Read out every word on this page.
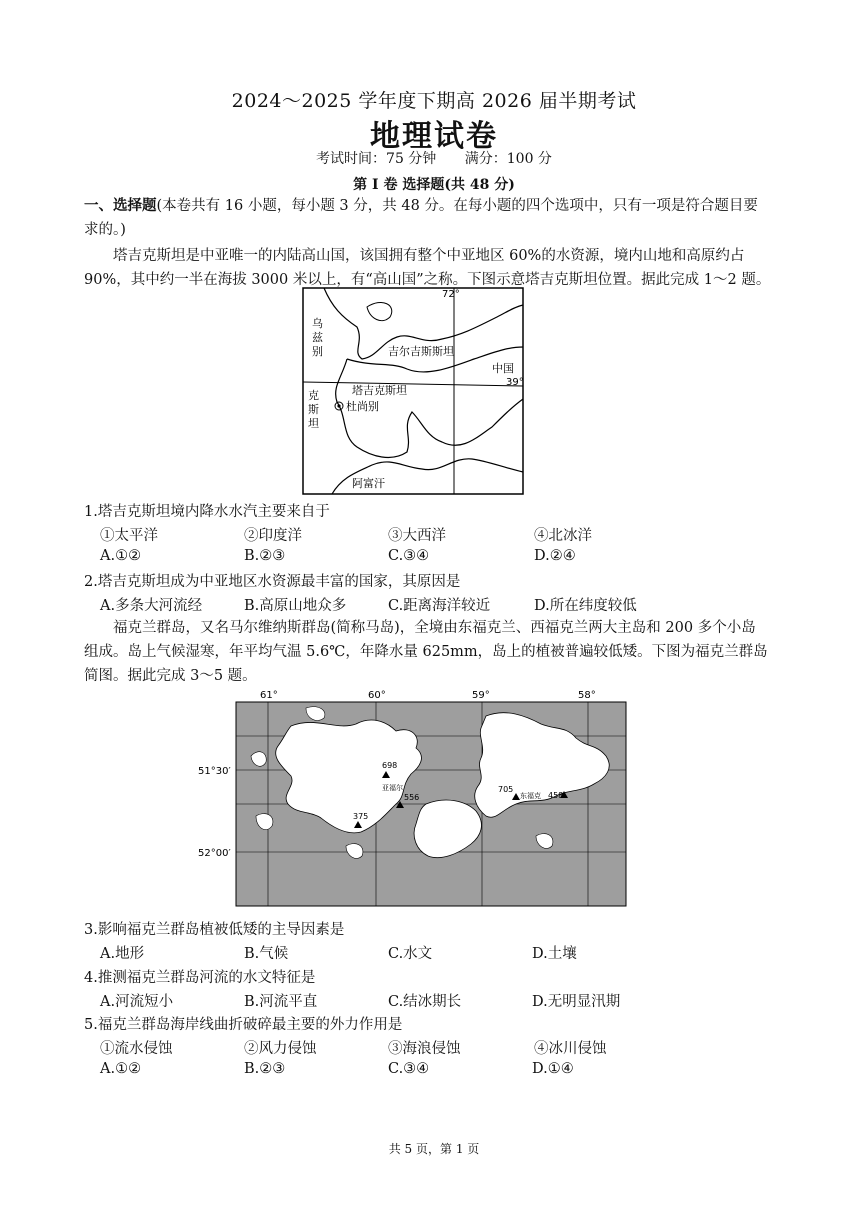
2024～2025 学年度下期高 2026 届半期考试
地理试卷
考试时间：75 分钟 满分：100 分
第 I 卷 选择题(共 48 分)
一、选择题(本卷共有 16 小题，每小题 3 分，共 48 分。在每小题的四个选项中，只有一项是符合题目要
求的。)
塔吉克斯坦是中亚唯一的内陆高山国，该国拥有整个中亚地区 60%的水资源，境内山地和高原约占
90%，其中约一半在海拔 3000 米以上，有“高山国”之称。下图示意塔吉克斯坦位置。据此完成 1～2 题。
72°
39°
乌
兹
别	吉尔吉斯斯坦
中国
塔吉克斯坦
杜尚别
克
斯
坦
阿富汗
1.塔吉克斯坦境内降水水汽主要来自于
①太平洋	②印度洋	③大西洋	④北冰洋
A.①②	B.②③	C.③④	D.②④
2.塔吉克斯坦成为中亚地区水资源最丰富的国家，其原因是
A.多条大河流经	B.高原山地众多	C.距离海洋较近	D.所在纬度较低
福克兰群岛，又名马尔维纳斯群岛(简称马岛)，全境由东福克兰、西福克兰两大主岛和 200 多个小岛
组成。岛上气候湿寒，年平均气温 5.6℃，年降水量 625mm，岛上的植被普遍较低矮。下图为福克兰群岛
简图。据此完成 3～5 题。
61°	60°	59°	58°
51°30′
52°00′
698
556
375
705
458
亚福尔
东福克
3.影响福克兰群岛植被低矮的主导因素是
A.地形	B.气候	C.水文	D.土壤
4.推测福克兰群岛河流的水文特征是
A.河流短小	B.河流平直	C.结冰期长	D.无明显汛期
5.福克兰群岛海岸线曲折破碎最主要的外力作用是
①流水侵蚀	②风力侵蚀	③海浪侵蚀	④冰川侵蚀
A.①②	B.②③	C.③④	D.①④
共 5 页，第 1 页
